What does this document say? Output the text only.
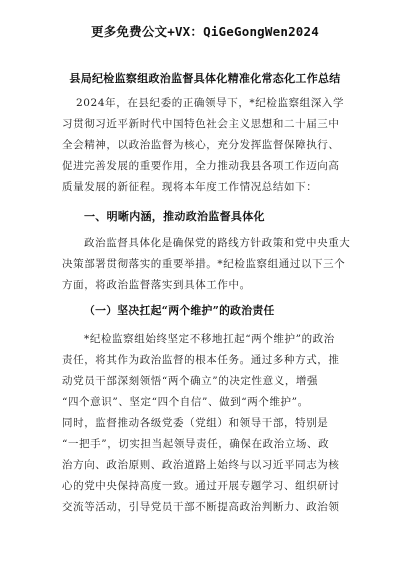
更多免费公文+VX：QiGeGongWen2024
县局纪检监察组政治监督具体化精准化常态化工作总结
2024年，在县纪委的正确领导下，*纪检监察组深入学
习贯彻习近平新时代中国特色社会主义思想和二十届三中
全会精神，以政治监督为核心，充分发挥监督保障执行、
促进完善发展的重要作用，全力推动我县各项工作迈向高
质量发展的新征程。现将本年度工作情况总结如下：
一、明晰内涵，推动政治监督具体化
政治监督具体化是确保党的路线方针政策和党中央重大
决策部署贯彻落实的重要举措。*纪检监察组通过以下三个
方面，将政治监督落实到具体工作中。
（一）坚决扛起“两个维护”的政治责任
*纪检监察组始终坚定不移地扛起“两个维护”的政治
责任，将其作为政治监督的根本任务。通过多种方式，推
动党员干部深刻领悟“两个确立”的决定性意义，增强
“四个意识”、坚定“四个自信”、做到“两个维护”。
同时，监督推动各级党委（党组）和领导干部，特别是
“一把手”，切实担当起领导责任，确保在政治立场、政
治方向、政治原则、政治道路上始终与以习近平同志为核
心的党中央保持高度一致。通过开展专题学习、组织研讨
交流等活动，引导党员干部不断提高政治判断力、政治领
